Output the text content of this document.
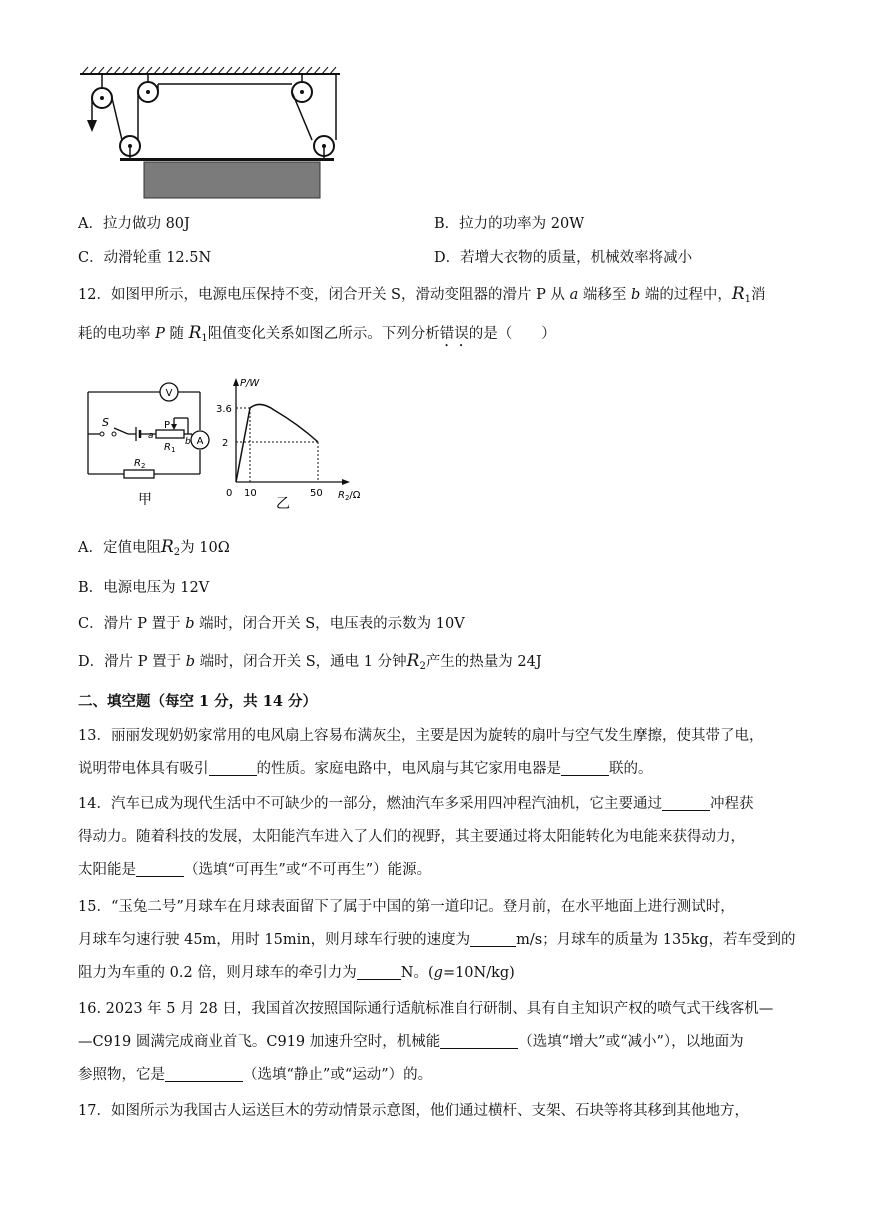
A．拉力做功 80J	B．拉力的功率为 20W
C．动滑轮重 12.5N	D．若增大衣物的质量，机械效率将减小
12．如图甲所示，电源电压保持不变，闭合开关 S，滑动变阻器的滑片 P 从 a 端移至 b 端的过程中，$R_1$消
耗的电功率 P 随 $R_1$阻值变化关系如图乙所示。下列分析错误的是（　　）
V
A
S	P
a
b
$R_1$
$R_2$
甲
P/W
3.6
2
0 10	50 $R_2/\Omega$
乙
A．定值电阻$R_2$为 10Ω
B．电源电压为 12V
C．滑片 P 置于 b 端时，闭合开关 S，电压表的示数为 10V
D．滑片 P 置于 b 端时，闭合开关 S，通电 1 分钟$R_2$产生的热量为 24J
二、填空题（每空 1 分，共 14 分）
13．丽丽发现奶奶家常用的电风扇上容易布满灰尘，主要是因为旋转的扇叶与空气发生摩擦，使其带了电，
说明带电体具有吸引	的性质。家庭电路中，电风扇与其它家用电器是	联的。
14．汽车已成为现代生活中不可缺少的一部分，燃油汽车多采用四冲程汽油机，它主要通过	冲程获
得动力。随着科技的发展，太阳能汽车进入了人们的视野，其主要通过将太阳能转化为电能来获得动力，
太阳能是	（选填“可再生”或“不可再生”）能源。
15．“玉兔二号”月球车在月球表面留下了属于中国的第一道印记。登月前，在水平地面上进行测试时，
月球车匀速行驶 45m，用时 15min，则月球车行驶的速度为	m/s；月球车的质量为 135kg，若车受到的
阻力为车重的 0.2 倍，则月球车的牵引力为	N。(g=10N/kg)
16. 2023 年 5 月 28 日，我国首次按照国际通行适航标准自行研制、具有自主知识产权的喷气式干线客机—
—C919 圆满完成商业首飞。C919 加速升空时，机械能	（选填“增大”或“减小”），以地面为
参照物，它是	（选填“静止”或“运动”）的。
17．如图所示为我国古人运送巨木的劳动情景示意图，他们通过横杆、支架、石块等将其移到其他地方，
